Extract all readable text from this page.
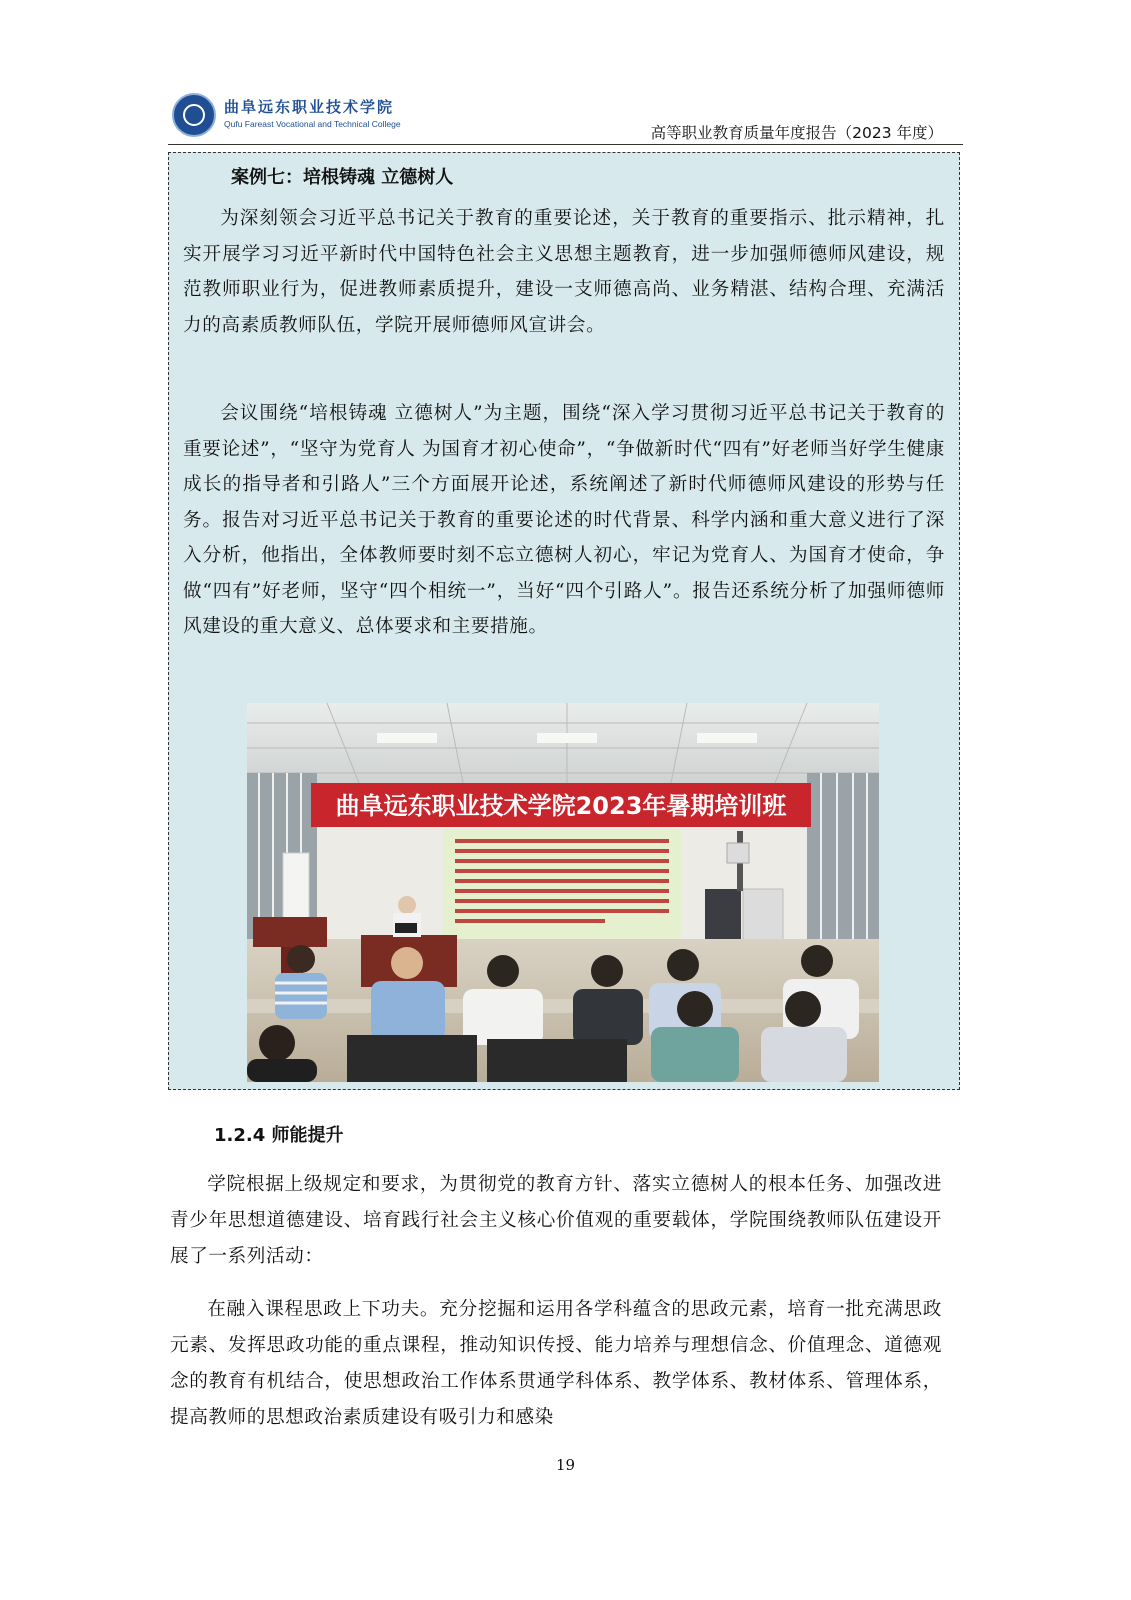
曲阜远东职业技术学院
Qufu Fareast Vocational and Technical College	高等职业教育质量年度报告（2023 年度）
案例七：培根铸魂 立德树人

为深刻领会习近平总书记关于教育的重要论述，关于教育的重要指示、批示精神，扎实开展学习习近平新时代中国特色社会主义思想主题教育，进一步加强师德师风建设，规范教师职业行为，促进教师素质提升，建设一支师德高尚、业务精湛、结构合理、充满活力的高素质教师队伍，学院开展师德师风宣讲会。

会议围绕“培根铸魂 立德树人”为主题，围绕“深入学习贯彻习近平总书记关于教育的重要论述”，“坚守为党育人 为国育才初心使命”，“争做新时代“四有”好老师当好学生健康成长的指导者和引路人”三个方面展开论述，系统阐述了新时代师德师风建设的形势与任务。报告对习近平总书记关于教育的重要论述的时代背景、科学内涵和重大意义进行了深入分析，他指出，全体教师要时刻不忘立德树人初心，牢记为党育人、为国育才使命，争做“四有”好老师，坚守“四个相统一”，当好“四个引路人”。报告还系统分析了加强师德师风建设的重大意义、总体要求和主要措施。

曲阜远东职业技术学院2023年暑期培训班
1.2.4 师能提升

学院根据上级规定和要求，为贯彻党的教育方针、落实立德树人的根本任务、加强改进青少年思想道德建设、培育践行社会主义核心价值观的重要载体，学院围绕教师队伍建设开展了一系列活动：

在融入课程思政上下功夫。充分挖掘和运用各学科蕴含的思政元素，培育一批充满思政元素、发挥思政功能的重点课程，推动知识传授、能力培养与理想信念、价值理念、道德观念的教育有机结合，使思想政治工作体系贯通学科体系、教学体系、教材体系、管理体系，提高教师的思想政治素质建设有吸引力和感染

19
